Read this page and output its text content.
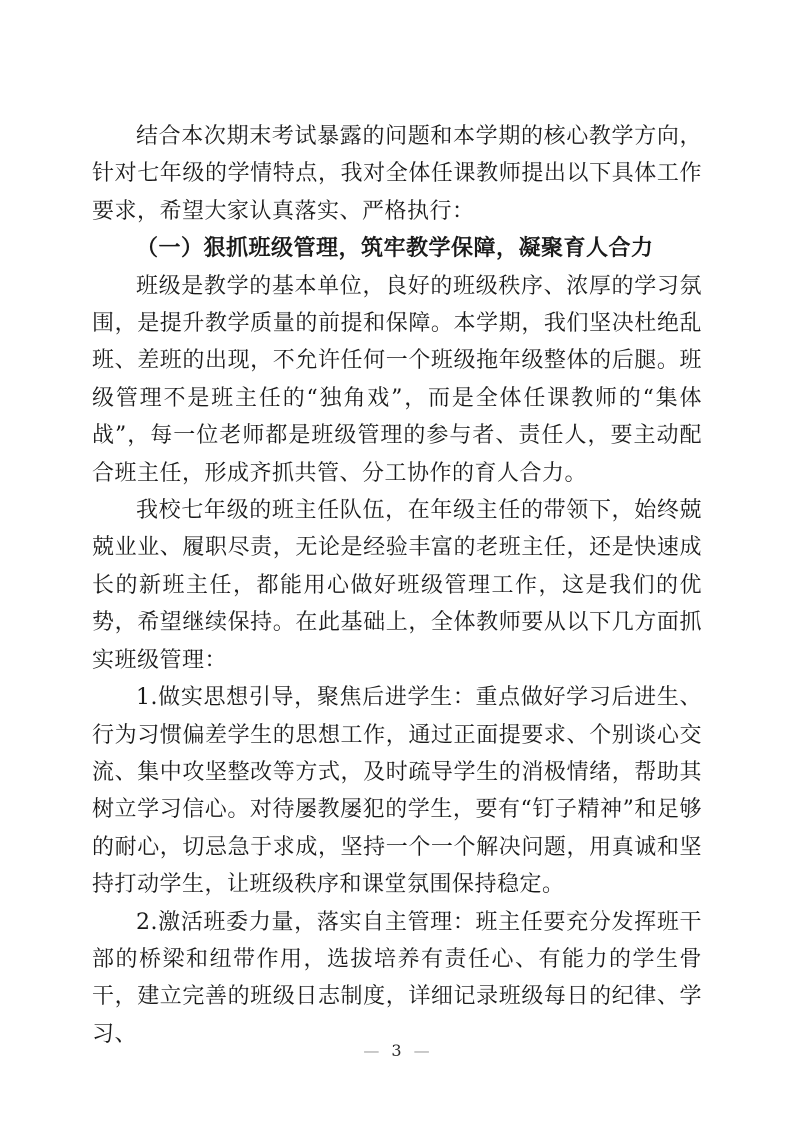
结合本次期末考试暴露的问题和本学期的核心教学方向，针对七年级的学情特点，我对全体任课教师提出以下具体工作要求，希望大家认真落实、严格执行：

（一）狠抓班级管理，筑牢教学保障，凝聚育人合力

班级是教学的基本单位，良好的班级秩序、浓厚的学习氛围，是提升教学质量的前提和保障。本学期，我们坚决杜绝乱班、差班的出现，不允许任何一个班级拖年级整体的后腿。班级管理不是班主任的“独角戏”，而是全体任课教师的“集体战”，每一位老师都是班级管理的参与者、责任人，要主动配合班主任，形成齐抓共管、分工协作的育人合力。

我校七年级的班主任队伍，在年级主任的带领下，始终兢兢业业、履职尽责，无论是经验丰富的老班主任，还是快速成长的新班主任，都能用心做好班级管理工作，这是我们的优势，希望继续保持。在此基础上，全体教师要从以下几方面抓实班级管理：

1.做实思想引导，聚焦后进学生：重点做好学习后进生、行为习惯偏差学生的思想工作，通过正面提要求、个别谈心交流、集中攻坚整改等方式，及时疏导学生的消极情绪，帮助其树立学习信心。对待屡教屡犯的学生，要有“钉子精神”和足够的耐心，切忌急于求成，坚持一个一个解决问题，用真诚和坚持打动学生，让班级秩序和课堂氛围保持稳定。

2.激活班委力量，落实自主管理：班主任要充分发挥班干部的桥梁和纽带作用，选拔培养有责任心、有能力的学生骨干，建立完善的班级日志制度，详细记录班级每日的纪律、学习、

— 3 —
